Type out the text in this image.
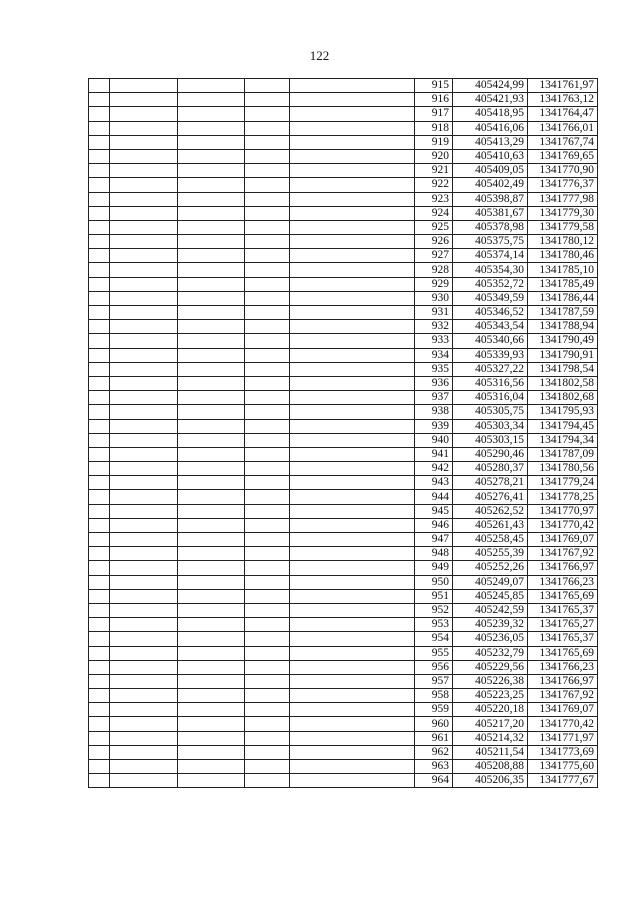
122
					915	405424,99	1341761,97
					916	405421,93	1341763,12
					917	405418,95	1341764,47
					918	405416,06	1341766,01
					919	405413,29	1341767,74
					920	405410,63	1341769,65
					921	405409,05	1341770,90
					922	405402,49	1341776,37
					923	405398,87	1341777,98
					924	405381,67	1341779,30
					925	405378,98	1341779,58
					926	405375,75	1341780,12
					927	405374,14	1341780,46
					928	405354,30	1341785,10
					929	405352,72	1341785,49
					930	405349,59	1341786,44
					931	405346,52	1341787,59
					932	405343,54	1341788,94
					933	405340,66	1341790,49
					934	405339,93	1341790,91
					935	405327,22	1341798,54
					936	405316,56	1341802,58
					937	405316,04	1341802,68
					938	405305,75	1341795,93
					939	405303,34	1341794,45
					940	405303,15	1341794,34
					941	405290,46	1341787,09
					942	405280,37	1341780,56
					943	405278,21	1341779,24
					944	405276,41	1341778,25
					945	405262,52	1341770,97
					946	405261,43	1341770,42
					947	405258,45	1341769,07
					948	405255,39	1341767,92
					949	405252,26	1341766,97
					950	405249,07	1341766,23
					951	405245,85	1341765,69
					952	405242,59	1341765,37
					953	405239,32	1341765,27
					954	405236,05	1341765,37
					955	405232,79	1341765,69
					956	405229,56	1341766,23
					957	405226,38	1341766,97
					958	405223,25	1341767,92
					959	405220,18	1341769,07
					960	405217,20	1341770,42
					961	405214,32	1341771,97
					962	405211,54	1341773,69
					963	405208,88	1341775,60
					964	405206,35	1341777,67
